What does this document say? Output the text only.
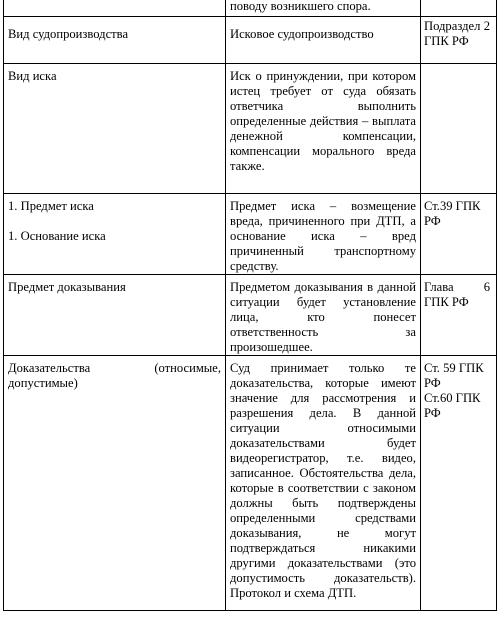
	поводу возникшего спора.	
Вид судопроизводства	Исковое судопроизводство	Подраздел 2 ГПК РФ

Вид иска	Иск о принуждении, при котором истец требует от суда обязать ответчика выполнить определенные действия – выплата денежной компенсации, компенсации морального вреда также.	

1. Предмет иска
1. Основание иска	Предмет иска – возмещение вреда, причиненного при ДТП, а основание иска – вред причиненный транспортному средству.	Ст.39 ГПК РФ

Предмет доказывания	Предметом доказывания в данной ситуации будет установление лица, кто понесет ответственность за произошедшее.	Глава 6 ГПК РФ

Доказательства (относимые, допустимые)	Суд принимает только те доказательства, которые имеют значение для рассмотрения и разрешения дела. В данной ситуации относимыми доказательствами будет видеорегистратор, т.е. видео, записанное. Обстоятельства дела, которые в соответствии с законом должны быть подтверждены определенными средствами доказывания, не могут подтверждаться никакими другими доказательствами (это допустимость доказательств). Протокол и схема ДТП.	Ст. 59 ГПК РФ
Ст.60 ГПК РФ
